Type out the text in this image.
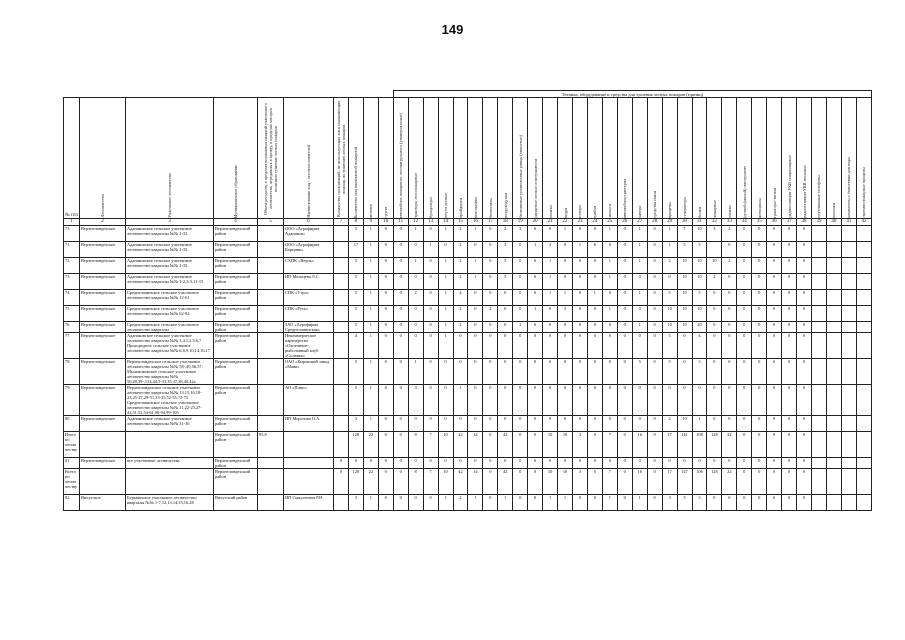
149
										Техника, оборудование и средства для тушения лесных пожаров (единиц)																															

№ п/п	Лесничество	Участковое лесничество	Муниципальное образование	Объем ресурсов, в пределах возможных изъятий участкового лесничества, переданных в аренду, в пределах которых возможно тушение лесных пожаров	Наименование лиц - лесопользователей	Количество организаций, не использующих лиса оказывающих помощь по тушению лесных пожаров	Количество лиц внештатной пожарной	человек	групп	автомобиль пожарного лесопатрульного (универсальные)	тракторы лесопожарные	бульдозеры	плуги лесные	пройдирки	мотопомпы	бензопилы	воздуходувки	бензиновые установочные ранцы (емкостью)	ранцевые лесные огнетушители	лопаты	ведра	топоры	грабли	мотыги	автомобиль-цистерна	катера	средства связи	прицепы	генераторы	бочки	пожарные	лопаты	ручной (малый) инструмент	мотоциклы	тракторы-тягачи	радиостанции УКВ стационарные	радиостанции УКВ носимые	спутниковые телефоны	колонки	комплекты с ёмкостями для воды	противопожарные прицепы

1	2	3	4	5	6	7	8	9	10	11	12	13	14	15	16	17	18	19	20	21	22	23	24	25	26	27	28	29	30	31	32	33	34	35	36	37	38	39	40	41	42
73	Верхнеландехское	Аданаковское сельское участковое лесничество кварталы №№ 1-33	Верхнеландехский район		ООО «Агрофирма Аданаков»		3	1	0	0	1	0	1	2	1	0	2	3	0	0	1	0	0	1	0	1	0	1	7	10	3	2	0	0	0	0	0				
71	Верхнеландехское	Аданаковское сельское участковое лесничество кварталы №№ 1-35	Верхнеландехский район		ООО «Агрофирма Корцинк»		17	1	0	0	0	1	0	2	0	0	3	0	1	3	0	1	6	0	0	1	0	1	5	3		0	0	0	0	0	0				
72	Верхнеландехское	Аданаковское сельское участковое лесничество кварталы №№ 1-35	Верхнеландехский район		СХПК «Нерль»		3	1	0	0	1	0	1	2	1	0	5	0	0	1	0	0	0	1	0	1	0	2	10	10	10	2	0	0	0	0	0				
73	Верхнеландехское	Аданаковское сельское участковое лесничество кварталы №№ 1-2,3-5,11-15	Верхнеландехский район		ИП Мельцева Л.С.		5	1	0	0	0	0	1	2	1	0	5	0	0	1	0	0	0	1	0	0	0	0	10	10	2	0	0	0	0	0	0				
74	Верхнеландехское	Среднелапинское сельское участковое лесничество кварталы №№ 12-61	Верхнеландехский район		СПК «Утро»		5	1	0	0	2	0	1	4	0	0	0	0	0	1	1	0	1	0	0	1	0	5	10	5	0	0	0	0	0	0	0				
75	Верхнеландехское	Среднелапинское сельское участковое лесничество кварталы №№ 62-84	Верхнеландехский район		СПК «Русь»		5	1	0	0	0	0	1	2	0	2	0	0	1	0	3	0	0	1	0	0	0	10	10	10	0	0	0	0	0	0	0				
76	Верхнеландехское	Среднелапинское сельское участковое лесничество кварталы	Верхнеландехский район		ЗАО «Агрофирма Среднелапинская»		5	1	0	0	0	0	1	2	0	0	0	1	0	0	0	0	0	0	0	1	0	10	10	20	0	0	0	0	0	0	0				
77	Верхнеландехское	Аданаковское сельское участковое лесничество кварталы №№ 3,4,1,2,5,6,7 Пригородное сельское участковое лесничество кварталы №№ 6,8,9,10,14,16,17	Верхнеландехский район		Некоммерческое партнерство «Охотничье-рыболовный клуб «Сплавка»		4	1	0	0	0	0	1	0	0	0	0	0	0	0	0	0	0	0	0	0	0	5	0	4	0	0	0	0	0	0	0				
78	Верхнеландехское	Верхнеландехское сельское участковое лесничество кварталы №№ 58-,49,56,57; Мыльниковское сельское участковое лесничество кварталы №№ 50,28,39-,134,44,5-31,35,37,38,40,42а	Верхнеландехский район		ОАО «Кировский завод «Маяк»		5	1	0	0	1	0	0	0	0	0	0	0	0	0	0	0	0	0	0	5	0	5	0	3	0	0	0	0	0	0	0				
79	Верхнеландехское	Верхнеландехское сельское участковое лесничество кварталы №№ 13,15,16,18-23,25-27,29-31,33-35,52-55,72-75 Среднелапинское сельское участковое лесничество кварталы №№ 11,22-23,27-42,51,52,54-61,90-94,99-105	Верхнеландехский район		АО «Плюс»		5	1	0	0	3	0	0	1	0	0	0	0	0	0	0	0	0	0	0	0	0	0	0	0	0	0	0	0	0	0	0				
80	Верхнеландехское	Аданаковское сельское участковое лесничество кварталы №№ 31-36	Верхнеландехский район		ИП Морозова О.А.		3	1	0	0	0	0	0	0	0	0	0	0	0	0	0	0	0	0	0	0	0	2	10	1	0	0	0	0	0	0	0				
Итого по лесничеству:			Верхнеландехский район	95,8			128	22	0	0	8	7	10	42	14	0	42	0	0	10	10	3	0	7	0	16	0	17	141	108	128	22	0	0	0	0	0				
81	Верхнеландехское	все участковые лесничества	Верхнеландехский район			0	0	0	0	0	0	0	0	0	0	0	0	0	0	0	0	0	0	0	0	0	0	0	0	0	0	0	0	0	0	0	0				
Всего по лесничеству:			Верхнеландехский район			0	128	22	0	0	8	7	10	42	14	0	42	0	0	10	10	3	5	7	0	16	0	17	147	106	128	22	0	0	0	0	0				
82	Вичугское	Буракинское участковое лесничество кварталы №№ 1-7,12,13,14,15,16,28	Вичугский район		ИП Сыкултенов Р.Н.		3	1	0	0	0	0	1	2	1	0	1	0	0	1	1	0	0	1	0	1	0	3	5	3	0	0	0	0	0	0	0				
